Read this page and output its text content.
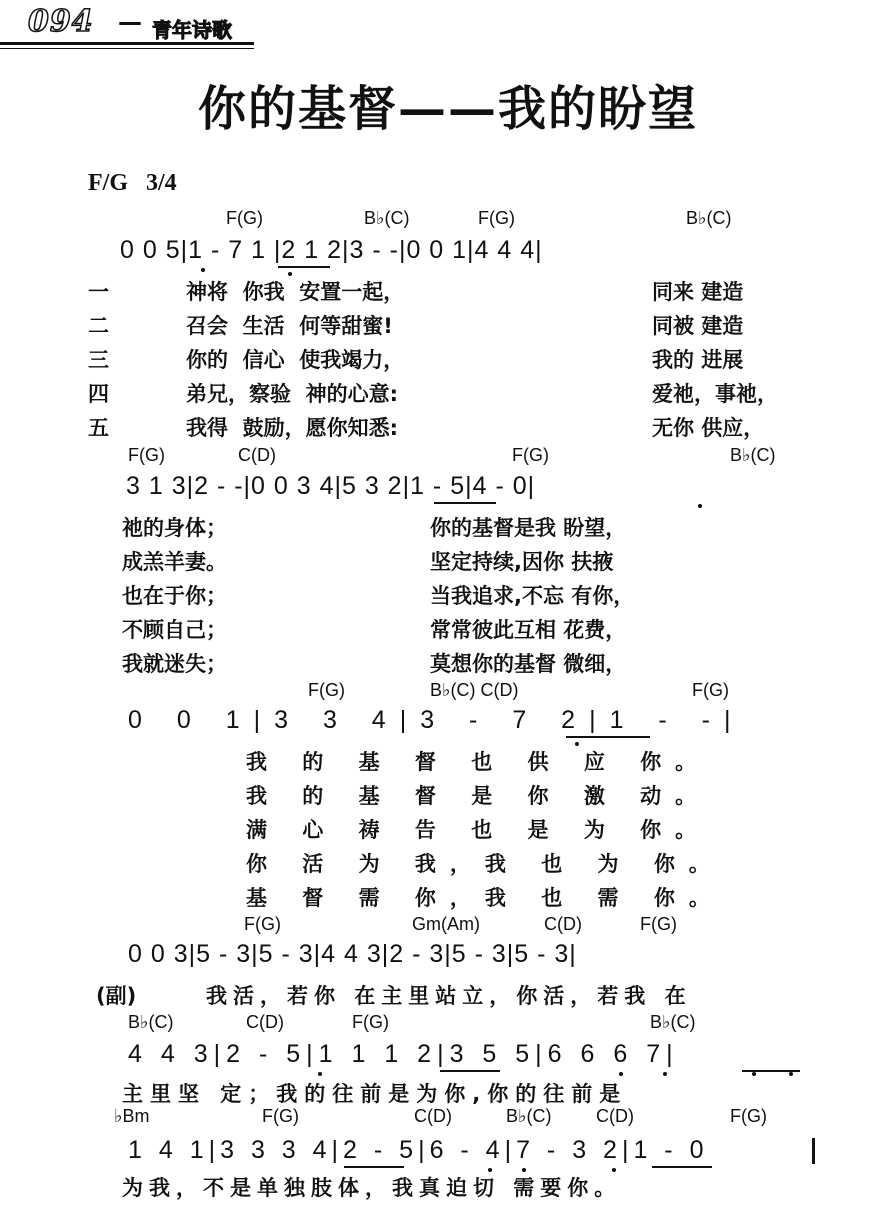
094 — 青年诗歌
你的基督——我的盼望
F/G   3/4
F(G)	B♭(C)	F(G)	B♭(C)
0 0 5|1 - 7 1 |2 1 2|3 - -|0 0 1|4 4 4|
一	神将  你我  安置一起，	同来 建造
二	召会  生活  何等甜蜜!	同被 建造
三	你的  信心  使我竭力，	我的 进展
四	弟兄，察验  神的心意:	爱祂，事祂，
五	我得  鼓励，愿你知悉:	无你 供应，
F(G)	C(D)	F(G)	B♭(C)
3 1 3|2 - -|0 0 3 4|5 3 2|1 - 5|4 - 0|
祂的身体；	你的基督是我 盼望，
成羔羊妻。	坚定持续,因你 扶掖
也在于你；	当我追求,不忘 有你，
不顾自己；	常常彼此互相 花费，
我就迷失；	莫想你的基督 微细，
F(G)	B♭(C) C(D)	F(G)
0 0 1|3 3 4|3 - 7 2|1 - -|
我 的 基 督 也 供 应 你。
我 的 基 督 是 你 激 动。
满 心 祷 告 也 是 为 你。
你 活 为 我，我 也 为 你。
基 督 需 你，我 也 需 你。
F(G)	Gm(Am)	C(D)	F(G)
0 0 3|5 - 3|5 - 3|4 4 3|2 - 3|5 - 3|5 - 3|
(副)	我活，若你 在主里站立，你活，若我 在
B♭(C)	C(D)	F(G)	B♭(C)
4 4 3|2 - 5|1 1 1 2|3 5 5|6 6 6 7|
主里坚 定；我的往前是为你,你的往前是
♭Bm	F(G)	C(D)	B♭(C) C(D)	F(G)
1 4 1|3 3 3 4|2 - 5|6 - 4|7 - 3 2|1 - 0
为我，不是单独肢体，我真迫切 需要你。
